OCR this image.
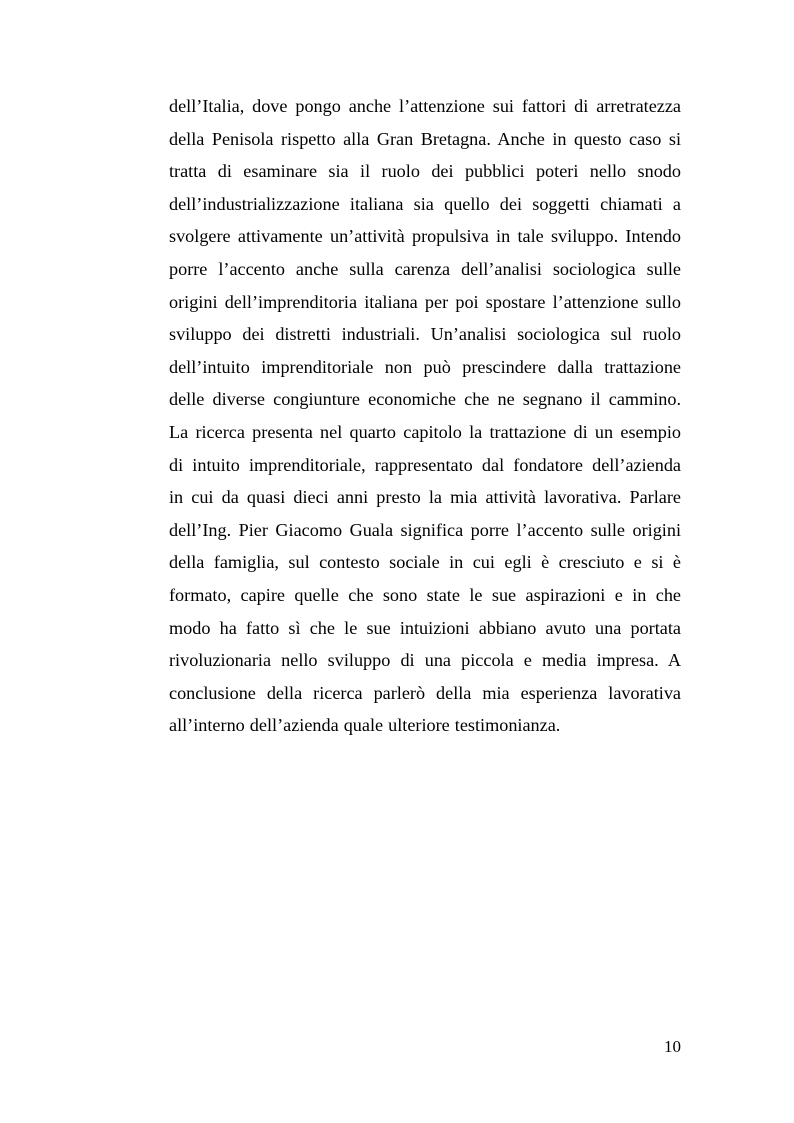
dell’Italia, dove pongo anche l’attenzione sui fattori di arretratezza
della Penisola rispetto alla Gran Bretagna. Anche in questo caso si
tratta di esaminare sia il ruolo dei pubblici poteri nello snodo
dell’industrializzazione italiana sia quello dei soggetti chiamati a
svolgere attivamente un’attività propulsiva in tale sviluppo. Intendo
porre l’accento anche sulla carenza dell’analisi sociologica sulle
origini dell’imprenditoria italiana per poi spostare l’attenzione sullo
sviluppo dei distretti industriali. Un’analisi sociologica sul ruolo
dell’intuito imprenditoriale non può prescindere dalla trattazione
delle diverse congiunture economiche che ne segnano il cammino.
La ricerca presenta nel quarto capitolo la trattazione di un esempio
di intuito imprenditoriale, rappresentato dal fondatore dell’azienda
in cui da quasi dieci anni presto la mia attività lavorativa. Parlare
dell’Ing. Pier Giacomo Guala significa porre l’accento sulle origini
della famiglia, sul contesto sociale in cui egli è cresciuto e si è
formato, capire quelle che sono state le sue aspirazioni e in che
modo ha fatto sì che le sue intuizioni abbiano avuto una portata
rivoluzionaria nello sviluppo di una piccola e media impresa. A
conclusione della ricerca parlerò della mia esperienza lavorativa
all’interno dell’azienda quale ulteriore testimonianza.
10
